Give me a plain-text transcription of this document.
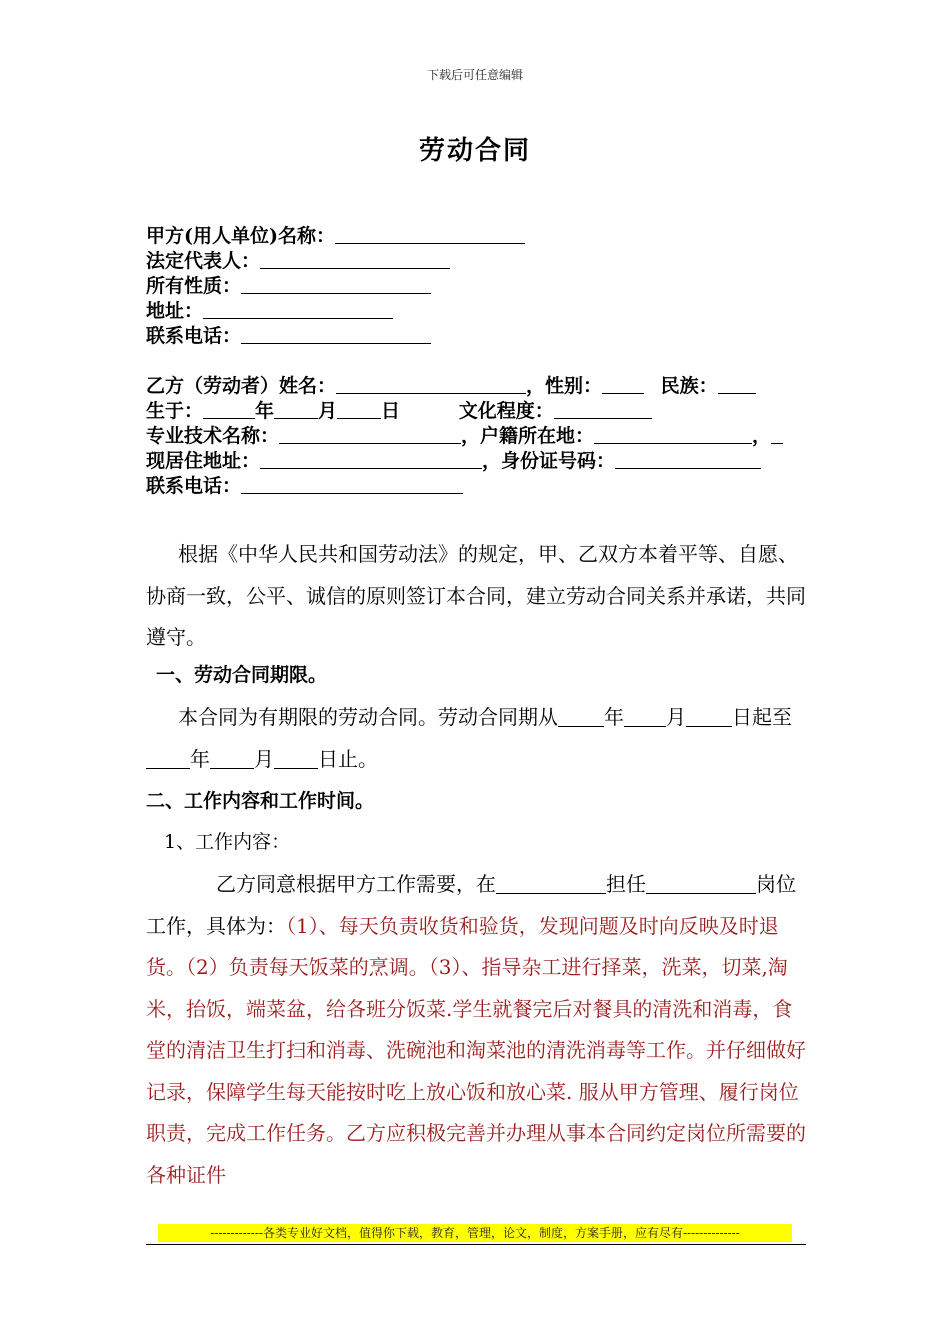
下载后可任意编辑
劳动合同
甲方(用人单位)名称：
法定代表人：
所有性质：
地址：
联系电话：
乙方（劳动者）姓名：	，性别：	民族：
生于：	年 月 日	文化程度：
专业技术名称：	，户籍所在地：	，
现居住地址：	，身份证号码：
联系电话：
根据《中华人民共和国劳动法》的规定，甲、乙双方本着平等、自愿、协商一致，公平、诚信的原则签订本合同，建立劳动合同关系并承诺，共同遵守。
一、劳动合同期限。
本合同为有期限的劳动合同。劳动合同期从 年 月 日起至年 月 日止。
二、工作内容和工作时间。
1、工作内容：
乙方同意根据甲方工作需要，在	担任	岗位工作，具体为：（1）、每天负责收货和验货，发现问题及时向反映及时退货。（2）负责每天饭菜的烹调。（3）、指导杂工进行择菜，洗菜，切菜,淘米，抬饭，端菜盆，给各班分饭菜.学生就餐完后对餐具的清洗和消毒，食堂的清洁卫生打扫和消毒、洗碗池和淘菜池的清洗消毒等工作。并仔细做好记录，保障学生每天能按时吃上放心饭和放心菜. 服从甲方管理、履行岗位职责，完成工作任务。乙方应积极完善并办理从事本合同约定岗位所需要的各种证件
-------------各类专业好文档，值得你下载，教育，管理，论文，制度，方案手册，应有尽有--------------
